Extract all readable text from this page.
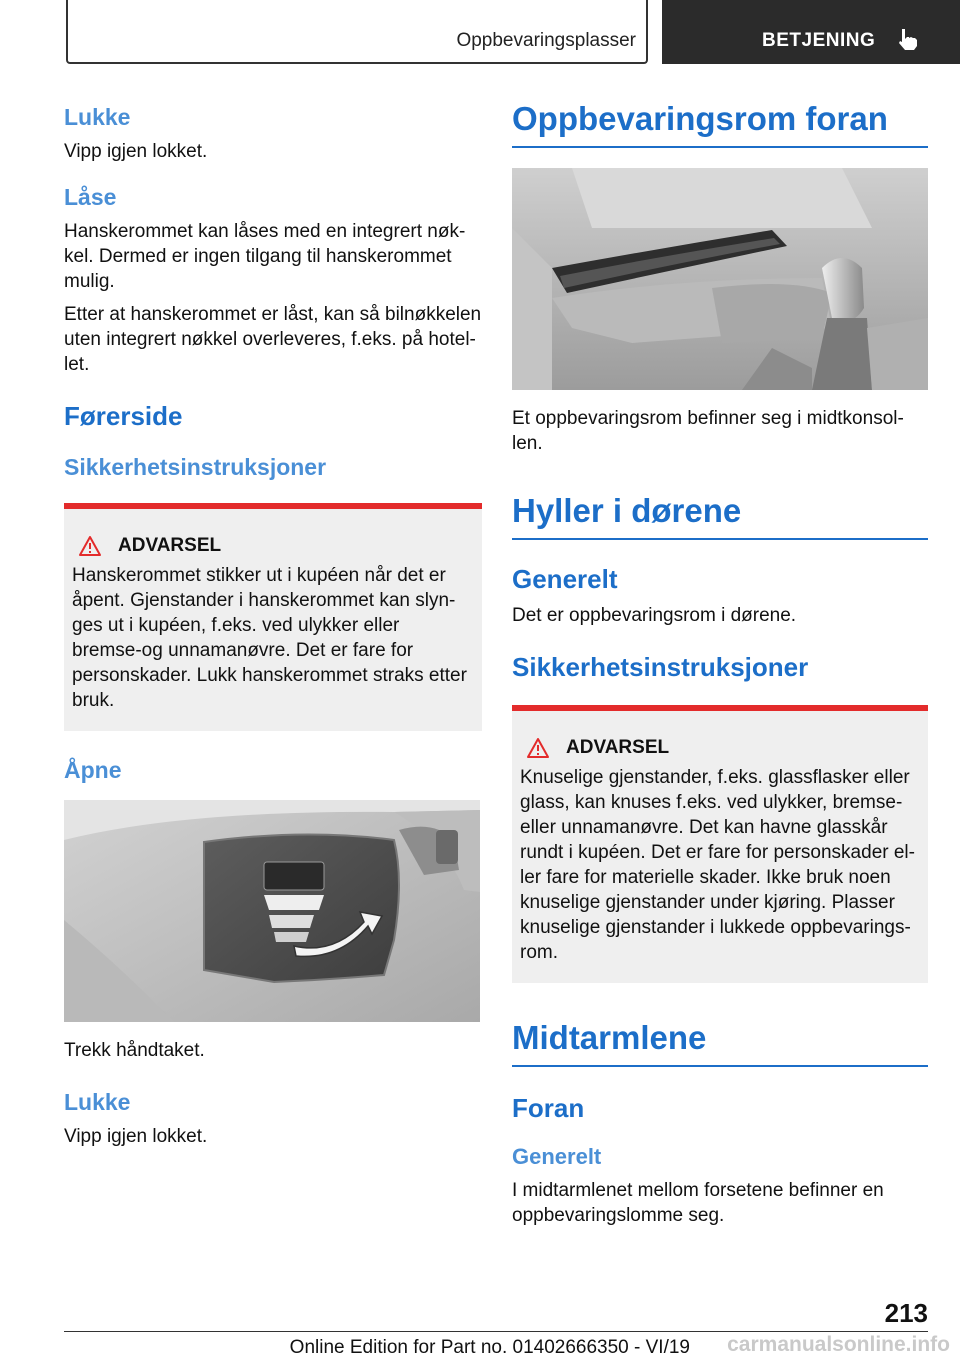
Oppbevaringsplasser	BETJENING
Lukke

Vipp igjen lokket.

Låse

Hanskerommet kan låses med en integrert nøk-kel. Dermed er ingen tilgang til hanskerommet mulig.

Etter at hanskerommet er låst, kan så bilnøkkelen uten integrert nøkkel overleveres, f.eks. på hotel-let.

Førerside
Sikkerhetsinstruksjoner
ADVARSEL

Hanskerommet stikker ut i kupéen når det er åpent. Gjenstander i hanskerommet kan slyn-ges ut i kupéen, f.eks. ved ulykker eller bremse-og unnamanøvre. Det er fare for personskader. Lukk hanskerommet straks etter bruk.

Åpne

Trekk håndtaket.

Lukke

Vipp igjen lokket.

Oppbevaringsrom foran

Et oppbevaringsrom befinner seg i midtkonsol-len.

Hyller i dørene
Generelt

Det er oppbevaringsrom i dørene.

Sikkerhetsinstruksjoner
ADVARSEL

Knuselige gjenstander, f.eks. glassflasker eller glass, kan knuses f.eks. ved ulykker, bremse-eller unnamanøvre. Det kan havne glasskår rundt i kupéen. Det er fare for personskader el-ler fare for materielle skader. Ikke bruk noen knuselige gjenstander under kjøring. Plasser knuselige gjenstander i lukkede oppbevarings-rom.

Midtarmlene
Foran
Generelt

I midtarmlenet mellom forsetene befinner en oppbevaringslomme seg.

213
Online Edition for Part no. 01402666350 - VI/19 carmanualsonline.info
